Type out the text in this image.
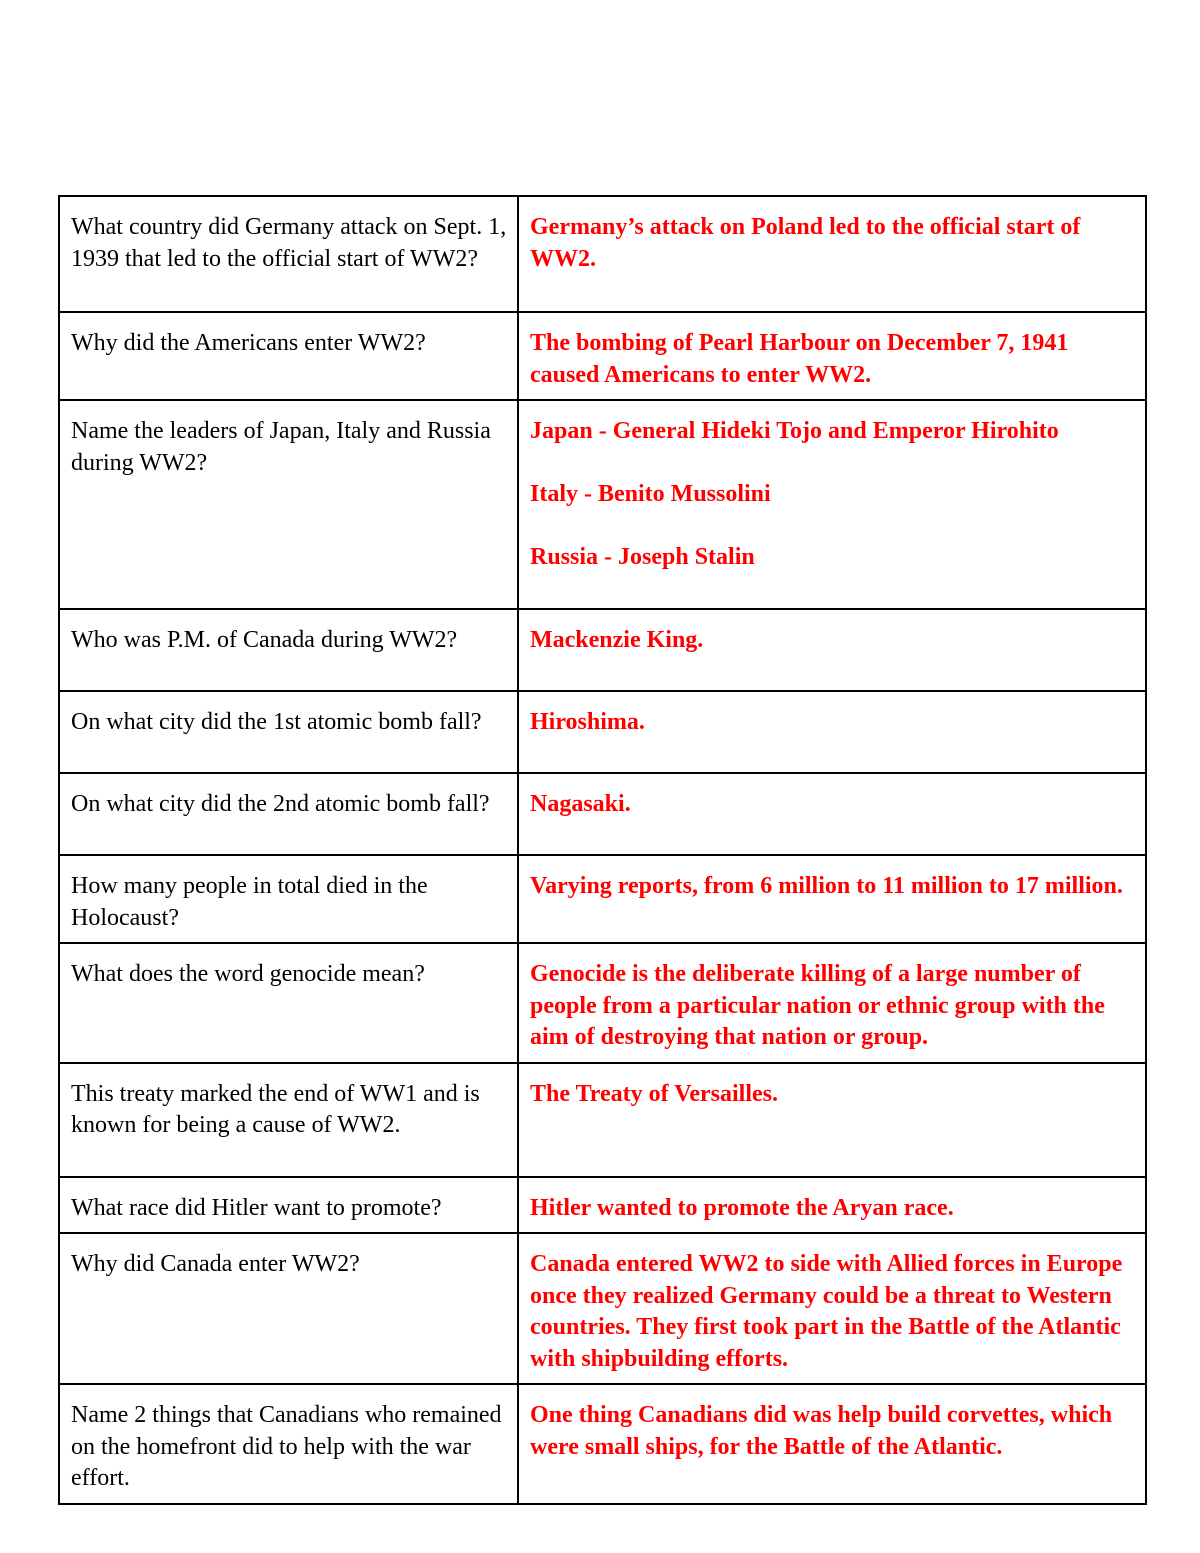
What country did Germany attack on Sept. 1, 1939 that led to the official start of WW2?	Germany’s attack on Poland led to the official start of WW2.

Why did the Americans enter WW2?	The bombing of Pearl Harbour on December 7, 1941 caused Americans to enter WW2.

Name the leaders of Japan, Italy and Russia during WW2?	Japan - General Hideki Tojo and Emperor Hirohito
Italy - Benito Mussolini
Russia - Joseph Stalin

Who was P.M. of Canada during WW2?	Mackenzie King.

On what city did the 1st atomic bomb fall?	Hiroshima.

On what city did the 2nd atomic bomb fall?	Nagasaki.

How many people in total died in the Holocaust?	Varying reports, from 6 million to 11 million to 17 million.

What does the word genocide mean?	Genocide is the deliberate killing of a large number of people from a particular nation or ethnic group with the aim of destroying that nation or group.

This treaty marked the end of WW1 and is known for being a cause of WW2.	The Treaty of Versailles.

What race did Hitler want to promote?	Hitler wanted to promote the Aryan race.

Why did Canada enter WW2?	Canada entered WW2 to side with Allied forces in Europe once they realized Germany could be a threat to Western countries. They first took part in the Battle of the Atlantic with shipbuilding efforts.

Name 2 things that Canadians who remained on the homefront did to help with the war effort.	One thing Canadians did was help build corvettes, which were small ships, for the Battle of the Atlantic.
